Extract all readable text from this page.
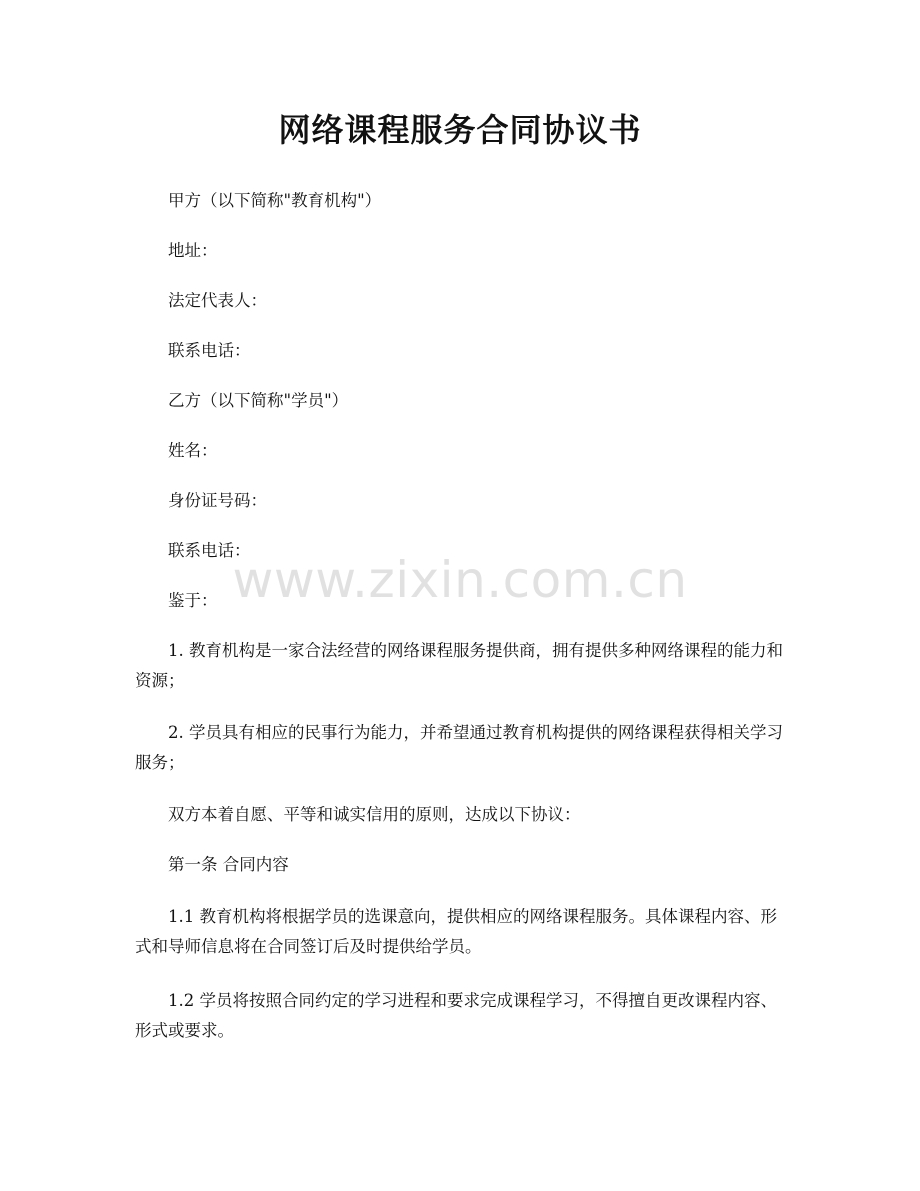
网络课程服务合同协议书

甲方（以下简称"教育机构"）

地址：

法定代表人：

联系电话：

乙方（以下简称"学员"）

姓名：

身份证号码：

联系电话：

鉴于：

1. 教育机构是一家合法经营的网络课程服务提供商，拥有提供多种网络课程的能力和资源；

2. 学员具有相应的民事行为能力，并希望通过教育机构提供的网络课程获得相关学习服务；

双方本着自愿、平等和诚实信用的原则，达成以下协议：

第一条 合同内容

1.1 教育机构将根据学员的选课意向，提供相应的网络课程服务。具体课程内容、形式和导师信息将在合同签订后及时提供给学员。

1.2 学员将按照合同约定的学习进程和要求完成课程学习，不得擅自更改课程内容、形式或要求。

www.zixin.com.cn
